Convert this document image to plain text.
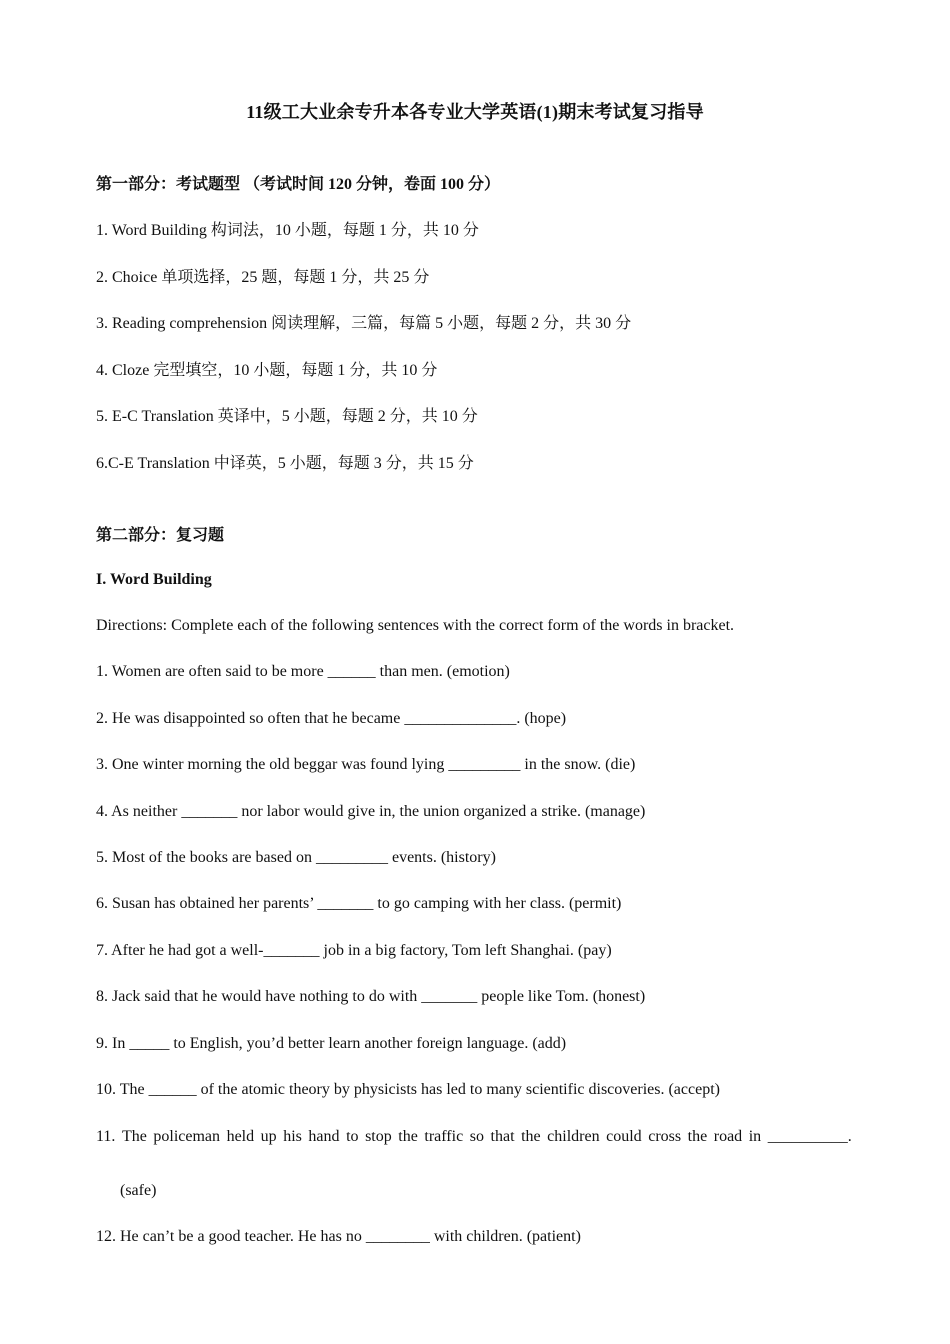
11级工大业余专升本各专业大学英语(1)期末考试复习指导
第一部分：考试题型 （考试时间 120 分钟，卷面 100 分）
1. Word Building 构词法，10 小题，每题 1 分，共 10 分
2. Choice 单项选择，25 题，每题 1 分，共 25 分
3. Reading comprehension 阅读理解，三篇，每篇 5 小题，每题 2 分，共 30 分
4. Cloze 完型填空，10 小题，每题 1 分，共 10 分
5. E-C Translation 英译中，5 小题，每题 2 分，共 10 分
6.C-E Translation 中译英，5 小题，每题 3 分，共 15 分
第二部分：复习题
I. Word Building
Directions: Complete each of the following sentences with the correct form of the words in bracket.
1. Women are often said to be more ______ than men. (emotion)
2. He was disappointed so often that he became ______________. (hope)
3. One winter morning the old beggar was found lying _________ in the snow. (die)
4. As neither _______ nor labor would give in, the union organized a strike. (manage)
5. Most of the books are based on _________ events. (history)
6. Susan has obtained her parents’ _______ to go camping with her class. (permit)
7. After he had got a well-_______ job in a big factory, Tom left Shanghai. (pay)
8. Jack said that he would have nothing to do with _______ people like Tom. (honest)
9. In _____ to English, you’d better learn another foreign language. (add)
10. The ______ of the atomic theory by physicists has led to many scientific discoveries. (accept)
11. The policeman held up his hand to stop the traffic so that the children could cross the road in __________.
(safe)
12. He can’t be a good teacher. He has no ________ with children. (patient)
